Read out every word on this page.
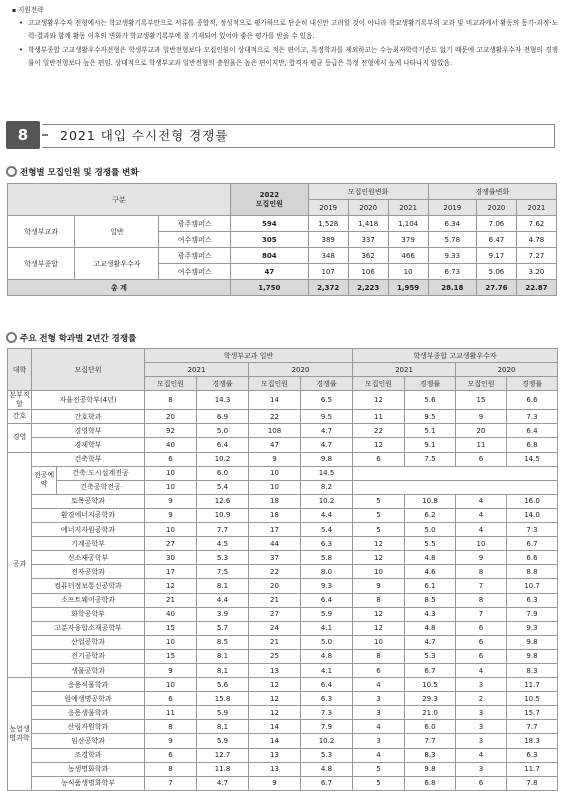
▪ 지원전략
• 고교생활우수자 전형에서는 학교생활기록부만으로 서류를 종합적, 정성적으로 평가하므로 단순히 내신만 고려할 것이 아니라 학교생활기록부의 교과 및 비교과에서 활동의 동기-과정-노력-결과와 함께 활동 이후의 변화가 학교생활기록부에 잘 기재되어 있어야 좋은 평가를 받을 수 있음.
• 학생부종합 고교생활우수자전형은 학생부교과 일반전형보다 모집인원이 상대적으로 적은 편이고, 특정학과를 제외하고는 수능최저학력기준도 없기 때문에 고교생활우수자 전형의 경쟁률이 일반전형보다 높은 편임. 상대적으로 학생부교과 일반전형의 충원율은 높은 편이지만, 합격자 평균 등급은 특정 전형에서 높게 나타나지 않았음.
8	2021 대입 수시전형 경쟁률
전형별 모집인원 및 경쟁률 변화
구분			2022
모집인원	모집인원변화			경쟁률변화		
				2019	2020	2021	2019	2020	2021
학생부교과	일반	광주캠퍼스	594	1,528	1,418	1,104	6.34	7.06	7.62
		여수캠퍼스	305	389	337	379	5.78	6.47	4.78
학생부종합	고교생활우수자	광주캠퍼스	804	348	362	466	9.33	9.17	7.27
		여수캠퍼스	47	107	106	10	6.73	5.06	3.20
총 계			1,750	2,372	2,223	1,959	28.18	27.76	22.87
주요 전형 학과별 2년간 경쟁률
대학	모집단위		학생부교과 일반				학생부종합 고교생활우수자			
			2021		2020		2021		2020	
			모집인원	경쟁률	모집인원	경쟁률	모집인원	경쟁률	모집인원	경쟁률
본부직할	자율전공학부(4년)		8	14.3	14	6.5	12	5.6	15	6.6
간호	간호학과		20	6.9	22	9.5	11	9.5	9	7.3
경영	경영학부		92	5.0	108	4.7	22	5.1	20	6.4
	경제학부		40	6.4	47	4.7	12	9.1	11	6.8
공과	건축학부		6	10.2	9	9.8	6	7.5	6	14.5
	전공예약	건축:도시설계전공	10	6.0	10	14.5				
		건축공학전공	10	5.4	10	8.2				
	토목공학과		9	12.6	18	10.2	5	10.8	4	16.0
	환경에너지공학과		9	10.9	18	4.4	5	6.2	4	14.0
	에너지자원공학과		10	7.7	17	5.4	5	5.0	4	7.3
	기계공학부		27	4.5	44	6.3	12	5.5	10	6.7
	신소재공학부		30	5.3	37	5.8	12	4.8	9	6.6
	전자공학과		17	7.5	22	8.0	10	4.6	8	8.8
	컴퓨터정보통신공학과		12	8.1	20	9.3	9	6.1	7	10.7
	소프트웨어공학과		21	4.4	21	6.4	8	8.5	8	6.3
	화학공학부		40	3.9	27	5.9	12	4.3	7	7.9
	고분자융합소재공학부		15	5.7	24	4.1	12	4.8	6	9.3
	산업공학과		10	8.5	21	5.0	10	4.7	6	9.8
	전기공학과		15	8.1	25	4.8	8	5.3	6	9.8
	생물공학과		9	8.1	13	4.1	6	6.7	4	8.3
농업생명과학	응용식물학과		10	5.6	12	6.4	4	10.5	3	11.7
	원예생명공학과		6	15.8	12	6.3	3	29.3	2	10.5
	응용생물학과		11	5.9	12	7.3	3	21.0	3	15.7
	산림자원학과		8	8.1	14	7.9	4	6.0	3	7.7
	임산공학과		9	5.9	14	10.2	3	7.7	3	18.3
	조경학과		6	12.7	13	5.3	4	8.3	4	6.3
	농생명화학과		8	11.8	13	4.8	5	9.8	3	11.7
	농식품생명화학부		7	4.7	9	6.7	5	6.8	6	7.8
